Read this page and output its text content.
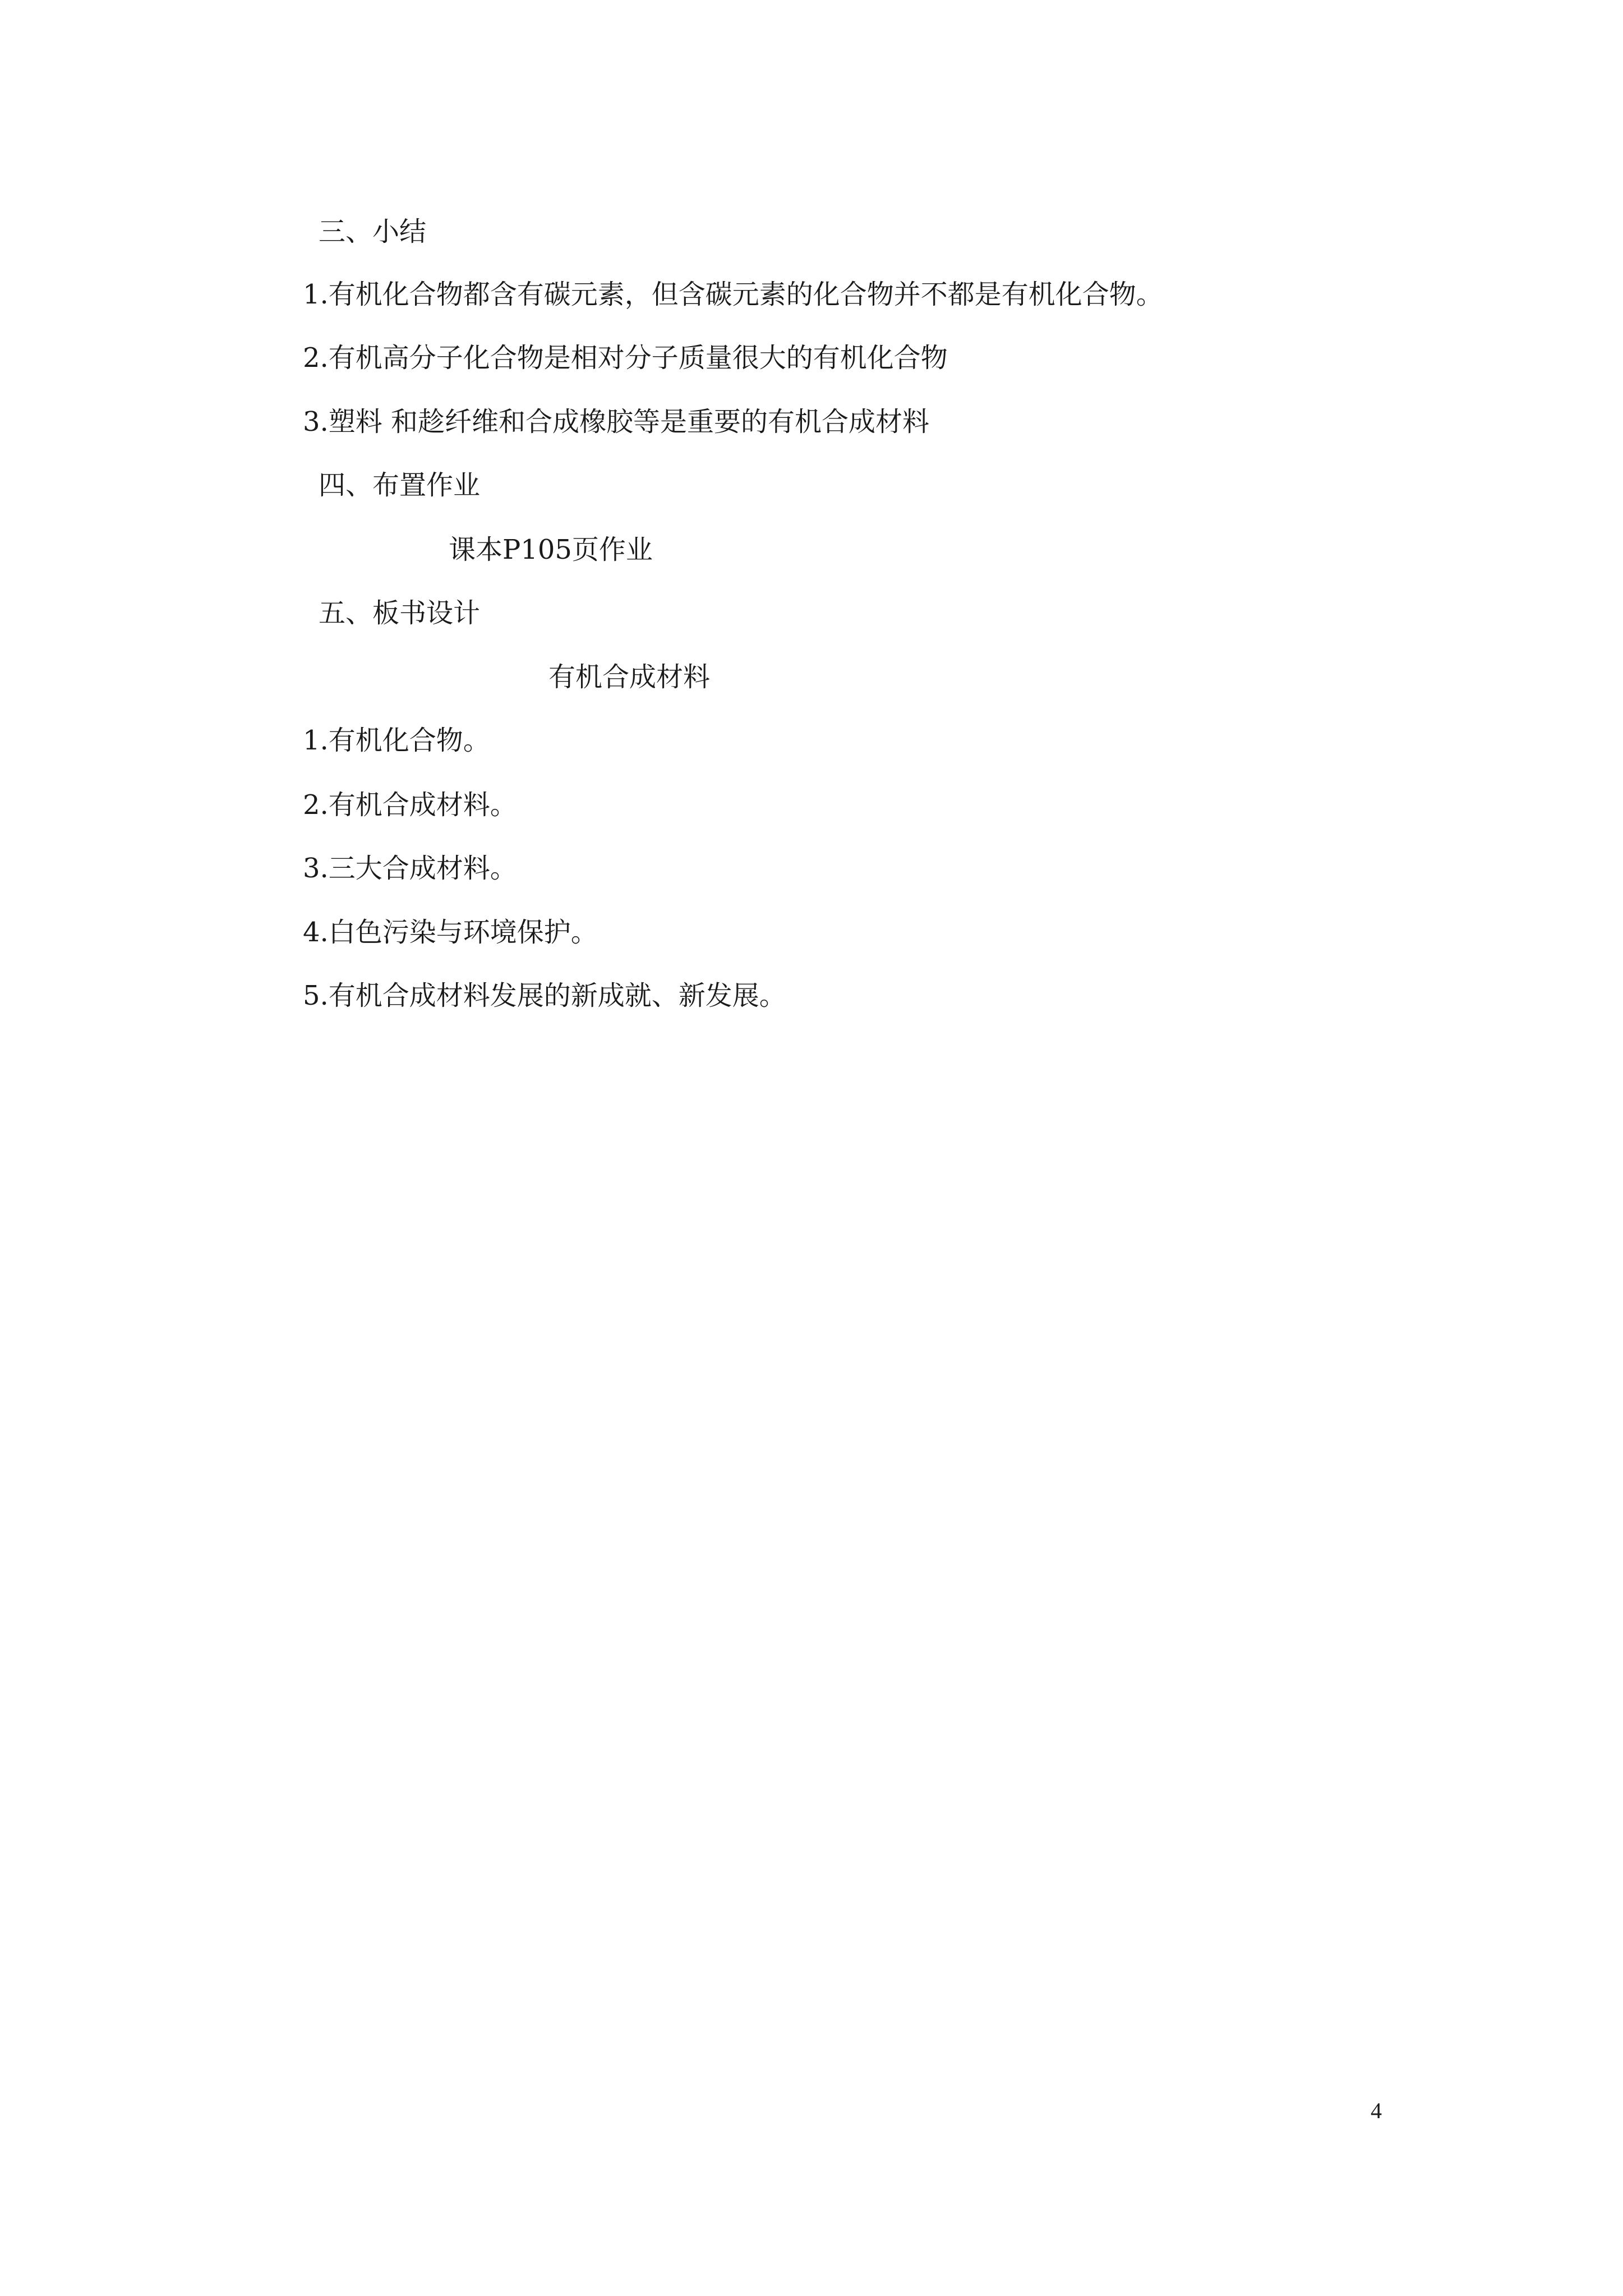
三、小结
1.有机化合物都含有碳元素，但含碳元素的化合物并不都是有机化合物。
2.有机高分子化合物是相对分子质量很大的有机化合物
3.塑料 和趁纤维和合成橡胶等是重要的有机合成材料
四、布置作业
课本P105页作业
五、板书设计
有机合成材料
1.有机化合物。
2.有机合成材料。
3.三大合成材料。
4.白色污染与环境保护。
5.有机合成材料发展的新成就、新发展。
4
